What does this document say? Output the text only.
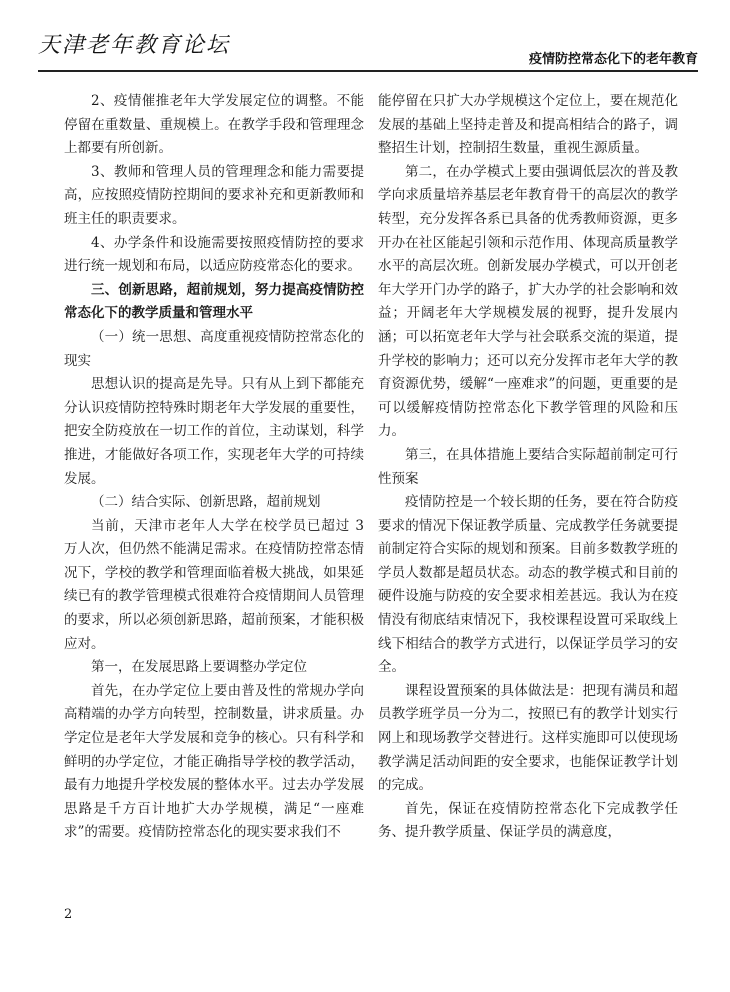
天津老年教育论坛
疫情防控常态化下的老年教育

2、疫情催推老年大学发展定位的调整。不能停留在重数量、重规模上。在教学手段和管理理念上都要有所创新。

3、教师和管理人员的管理理念和能力需要提高，应按照疫情防控期间的要求补充和更新教师和班主任的职责要求。

4、办学条件和设施需要按照疫情防控的要求进行统一规划和布局，以适应防疫常态化的要求。

三、创新思路，超前规划，努力提高疫情防控常态化下的教学质量和管理水平

（一）统一思想、高度重视疫情防控常态化的现实

思想认识的提高是先导。只有从上到下都能充分认识疫情防控特殊时期老年大学发展的重要性，把安全防疫放在一切工作的首位，主动谋划，科学推进，才能做好各项工作，实现老年大学的可持续发展。

（二）结合实际、创新思路，超前规划

当前，天津市老年人大学在校学员已超过 3 万人次，但仍然不能满足需求。在疫情防控常态情况下，学校的教学和管理面临着极大挑战，如果延续已有的教学管理模式很难符合疫情期间人员管理的要求，所以必须创新思路，超前预案，才能积极应对。

第一，在发展思路上要调整办学定位

首先，在办学定位上要由普及性的常规办学向高精端的办学方向转型，控制数量，讲求质量。办学定位是老年大学发展和竞争的核心。只有科学和鲜明的办学定位，才能正确指导学校的教学活动，最有力地提升学校发展的整体水平。过去办学发展思路是千方百计地扩大办学规模，满足“一座难求”的需要。疫情防控常态化的现实要求我们不

能停留在只扩大办学规模这个定位上，要在规范化发展的基础上坚持走普及和提高相结合的路子，调整招生计划，控制招生数量，重视生源质量。

第二，在办学模式上要由强调低层次的普及教学向求质量培养基层老年教育骨干的高层次的教学转型，充分发挥各系已具备的优秀教师资源，更多开办在社区能起引领和示范作用、体现高质量教学水平的高层次班。创新发展办学模式，可以开创老年大学开门办学的路子，扩大办学的社会影响和效益；开阔老年大学规模发展的视野，提升发展内涵；可以拓宽老年大学与社会联系交流的渠道，提升学校的影响力；还可以充分发挥市老年大学的教育资源优势，缓解“一座难求”的问题，更重要的是可以缓解疫情防控常态化下教学管理的风险和压力。

第三，在具体措施上要结合实际超前制定可行性预案

疫情防控是一个较长期的任务，要在符合防疫要求的情况下保证教学质量、完成教学任务就要提前制定符合实际的规划和预案。目前多数教学班的学员人数都是超员状态。动态的教学模式和目前的硬件设施与防疫的安全要求相差甚远。我认为在疫情没有彻底结束情况下，我校课程设置可采取线上线下相结合的教学方式进行，以保证学员学习的安全。

课程设置预案的具体做法是：把现有满员和超员教学班学员一分为二，按照已有的教学计划实行网上和现场教学交替进行。这样实施即可以使现场教学满足活动间距的安全要求，也能保证教学计划的完成。

首先，保证在疫情防控常态化下完成教学任务、提升教学质量、保证学员的满意度，

2
